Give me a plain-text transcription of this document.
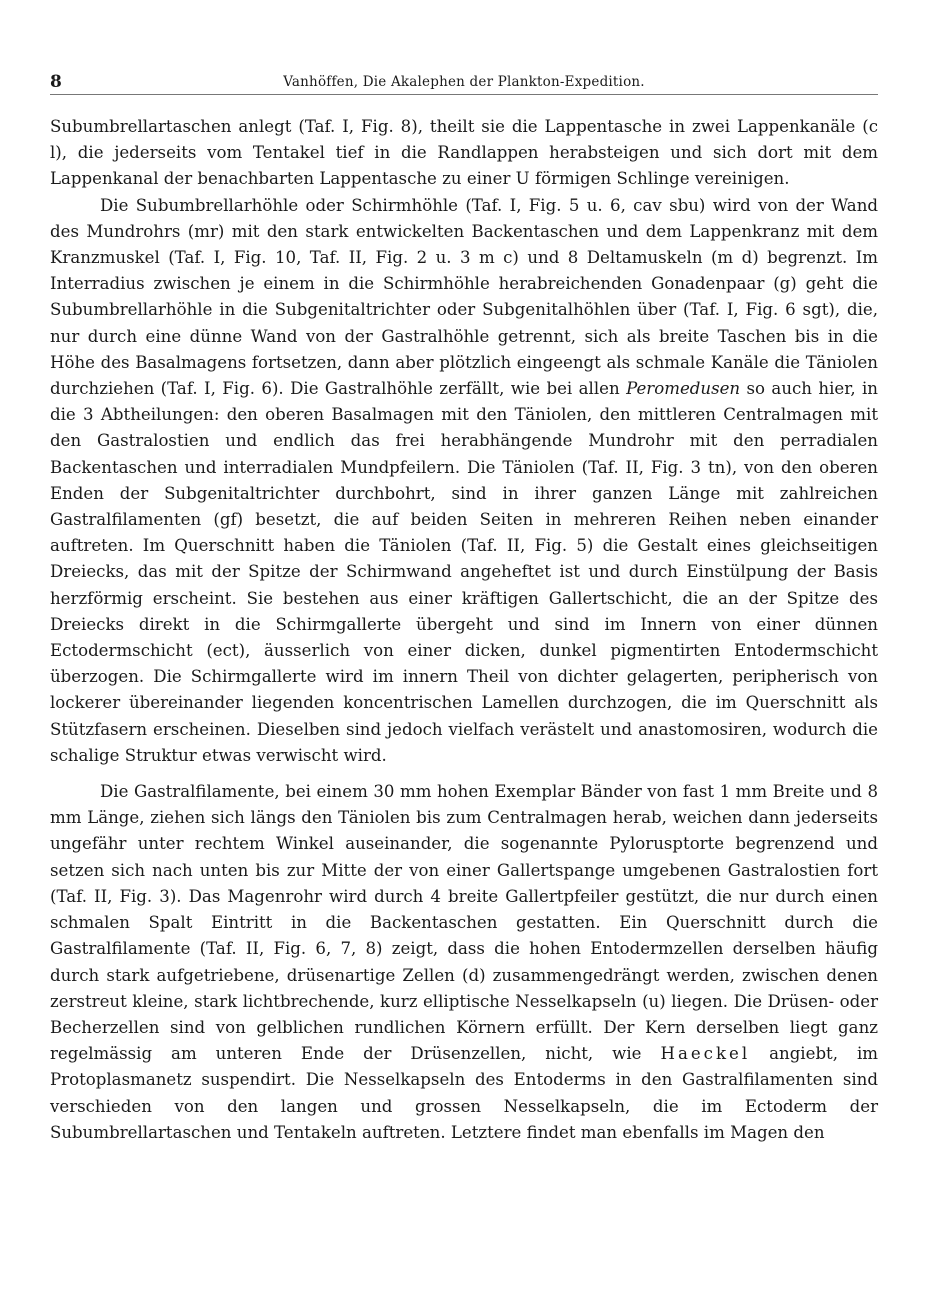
8	Vanhöffen, Die Akalephen der Plankton-Expedition.

Subumbrellartaschen anlegt (Taf. I, Fig. 8), theilt sie die Lappentasche in zwei Lappenkanäle (c l), die jederseits vom Tentakel tief in die Randlappen herabsteigen und sich dort mit dem Lappenkanal der benachbarten Lappentasche zu einer U förmigen Schlinge vereinigen.

Die Subumbrellarhöhle oder Schirmhöhle (Taf. I, Fig. 5 u. 6, cav sbu) wird von der Wand des Mundrohrs (mr) mit den stark entwickelten Backentaschen und dem Lappenkranz mit dem Kranzmuskel (Taf. I, Fig. 10, Taf. II, Fig. 2 u. 3 m c) und 8 Deltamuskeln (m d) begrenzt. Im Interradius zwischen je einem in die Schirmhöhle herabreichenden Gonadenpaar (g) geht die Subumbrellarhöhle in die Subgenitaltrichter oder Subgenitalhöhlen über (Taf. I, Fig. 6 sgt), die, nur durch eine dünne Wand von der Gastralhöhle getrennt, sich als breite Taschen bis in die Höhe des Basalmagens fortsetzen, dann aber plötzlich eingeengt als schmale Kanäle die Täniolen durchziehen (Taf. I, Fig. 6). Die Gastralhöhle zerfällt, wie bei allen Peromedusen so auch hier, in die 3 Abtheilungen: den oberen Basalmagen mit den Täniolen, den mittleren Centralmagen mit den Gastralostien und endlich das frei herabhängende Mundrohr mit den perradialen Backentaschen und interradialen Mundpfeilern. Die Täniolen (Taf. II, Fig. 3 tn), von den oberen Enden der Subgenitaltrichter durchbohrt, sind in ihrer ganzen Länge mit zahlreichen Gastralfilamenten (gf) besetzt, die auf beiden Seiten in mehreren Reihen neben einander auftreten. Im Querschnitt haben die Täniolen (Taf. II, Fig. 5) die Gestalt eines gleichseitigen Dreiecks, das mit der Spitze der Schirmwand angeheftet ist und durch Einstülpung der Basis herzförmig erscheint. Sie bestehen aus einer kräftigen Gallertschicht, die an der Spitze des Dreiecks direkt in die Schirmgallerte übergeht und sind im Innern von einer dünnen Ectodermschicht (ect), äusserlich von einer dicken, dunkel pigmentirten Entodermschicht überzogen. Die Schirmgallerte wird im innern Theil von dichter gelagerten, peripherisch von lockerer übereinander liegenden koncentrischen Lamellen durchzogen, die im Querschnitt als Stützfasern erscheinen. Dieselben sind jedoch vielfach verästelt und anastomosiren, wodurch die schalige Struktur etwas verwischt wird.

Die Gastralfilamente, bei einem 30 mm hohen Exemplar Bänder von fast 1 mm Breite und 8 mm Länge, ziehen sich längs den Täniolen bis zum Centralmagen herab, weichen dann jederseits ungefähr unter rechtem Winkel auseinander, die sogenannte Pylorusptorte begrenzend und setzen sich nach unten bis zur Mitte der von einer Gallertspange umgebenen Gastralostien fort (Taf. II, Fig. 3). Das Magenrohr wird durch 4 breite Gallertpfeiler gestützt, die nur durch einen schmalen Spalt Eintritt in die Backentaschen gestatten. Ein Querschnitt durch die Gastralfilamente (Taf. II, Fig. 6, 7, 8) zeigt, dass die hohen Entodermzellen derselben häufig durch stark aufgetriebene, drüsenartige Zellen (d) zusammengedrängt werden, zwischen denen zerstreut kleine, stark lichtbrechende, kurz elliptische Nesselkapseln (u) liegen. Die Drüsen- oder Becherzellen sind von gelblichen rundlichen Körnern erfüllt. Der Kern derselben liegt ganz regelmässig am unteren Ende der Drüsenzellen, nicht, wie Haeckel angiebt, im Protoplasmanetz suspendirt. Die Nesselkapseln des Entoderms in den Gastralfilamenten sind verschieden von den langen und grossen Nesselkapseln, die im Ectoderm der Subumbrellartaschen und Tentakeln auftreten. Letztere findet man ebenfalls im Magen den
